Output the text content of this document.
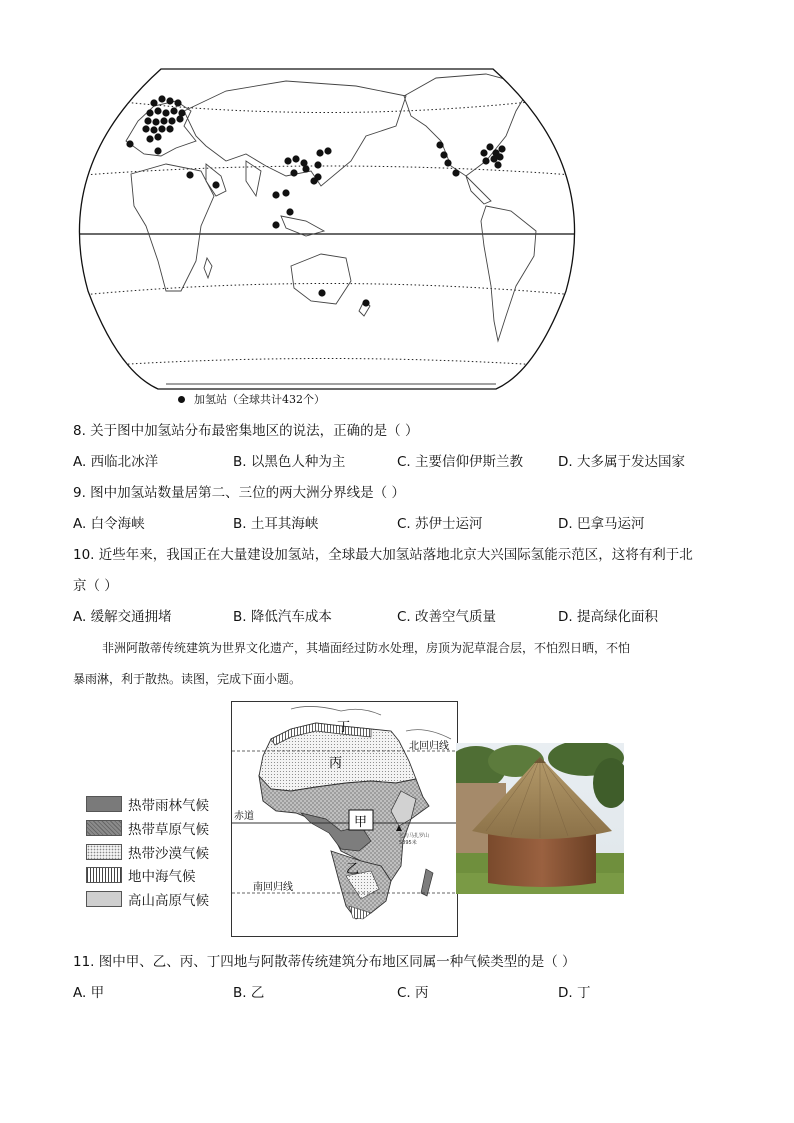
加氢站（全球共计432个）
8. 关于图中加氢站分布最密集地区的说法，正确的是（ ）
A. 西临北冰洋	B. 以黑色人种为主	C. 主要信仰伊斯兰教	D. 大多属于发达国家
9. 图中加氢站数量居第二、三位的两大洲分界线是（ ）
A. 白令海峡	B. 土耳其海峡	C. 苏伊士运河	D. 巴拿马运河
10. 近些年来，我国正在大量建设加氢站，全球最大加氢站落地北京大兴国际氢能示范区，这将有利于北
京（ ）
A. 缓解交通拥堵	B. 降低汽车成本	C. 改善空气质量	D. 提高绿化面积
非洲阿散蒂传统建筑为世界文化遗产，其墙面经过防水处理，房顶为泥草混合层，不怕烈日晒，不怕
暴雨淋，利于散热。读图，完成下面小题。
热带雨林气候
热带草原气候
热带沙漠气候
地中海气候
高山高原气候
北回归线
赤道
南回归线
甲
乙
丙
丁
乞力马扎罗山
5895米
11. 图中甲、乙、丙、丁四地与阿散蒂传统建筑分布地区同属一种气候类型的是（ ）
A. 甲	B. 乙	C. 丙	D. 丁
